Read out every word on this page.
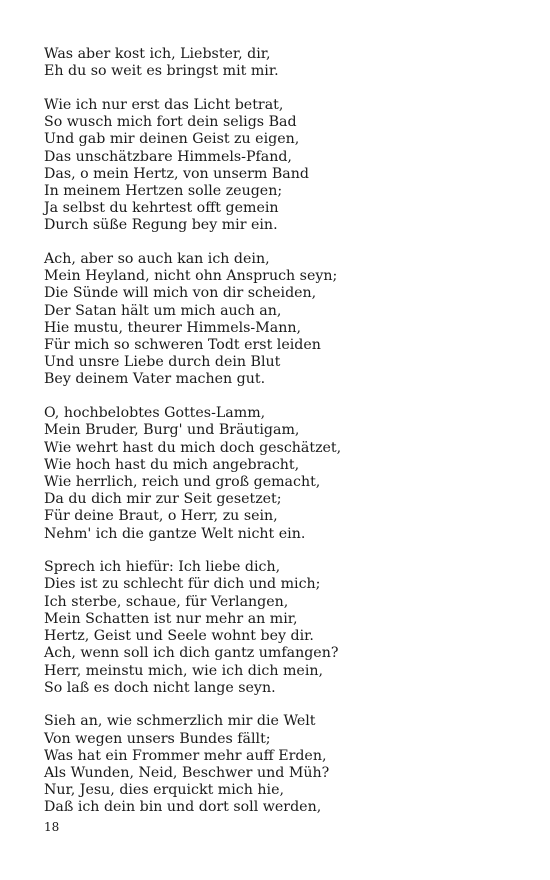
Was aber kost ich, Liebster, dir,
Eh du so weit es bringst mit mir.
Wie ich nur erst das Licht betrat,
So wusch mich fort dein seligs Bad
Und gab mir deinen Geist zu eigen,
Das unschätzbare Himmels-Pfand,
Das, o mein Hertz, von unserm Band
In meinem Hertzen solle zeugen;
Ja selbst du kehrtest offt gemein
Durch süße Regung bey mir ein.
Ach, aber so auch kan ich dein,
Mein Heyland, nicht ohn Anspruch seyn;
Die Sünde will mich von dir scheiden,
Der Satan hält um mich auch an,
Hie mustu, theurer Himmels-Mann,
Für mich so schweren Todt erst leiden
Und unsre Liebe durch dein Blut
Bey deinem Vater machen gut.
O, hochbelobtes Gottes-Lamm,
Mein Bruder, Burg' und Bräutigam,
Wie wehrt hast du mich doch geschätzet,
Wie hoch hast du mich angebracht,
Wie herrlich, reich und groß gemacht,
Da du dich mir zur Seit gesetzet;
Für deine Braut, o Herr, zu sein,
Nehm' ich die gantze Welt nicht ein.
Sprech ich hiefür: Ich liebe dich,
Dies ist zu schlecht für dich und mich;
Ich sterbe, schaue, für Verlangen,
Mein Schatten ist nur mehr an mir,
Hertz, Geist und Seele wohnt bey dir.
Ach, wenn soll ich dich gantz umfangen?
Herr, meinstu mich, wie ich dich mein,
So laß es doch nicht lange seyn.
Sieh an, wie schmerzlich mir die Welt
Von wegen unsers Bundes fällt;
Was hat ein Frommer mehr auff Erden,
Als Wunden, Neid, Beschwer und Müh?
Nur, Jesu, dies erquickt mich hie,
Daß ich dein bin und dort soll werden,
18
